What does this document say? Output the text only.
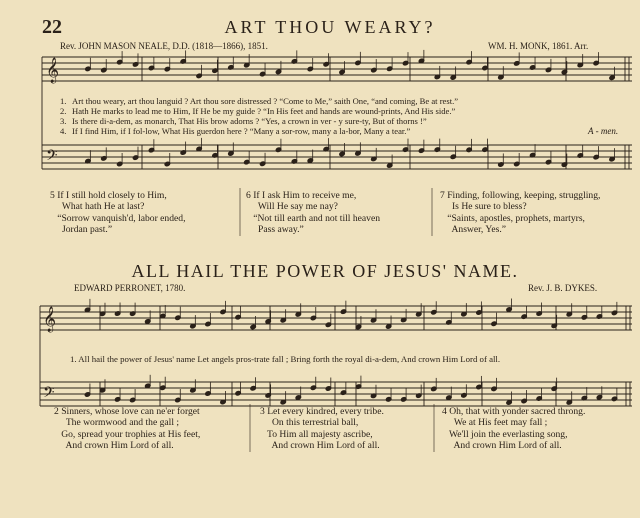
𝄞
𝄢
𝄞
𝄢
22	ART THOU WEARY?
Rev. JOHN MASON NEALE, D.D. (1818—1866), 1851.	WM. H. MONK, 1861. Arr.
1. Art thou weary, art thou languid ? Art thou sore distressed ? “Come to Me,” saith One, “and coming, Be at rest.”
2. Hath He marks to lead me to Him, If He be my guide ? “In His feet and hands are wound-prints, And His side.”
3. Is there di-a-dem, as monarch, That His brow adorns ? “Yes, a crown in ver - y sure-ty, But of thorns !”
4. If I find Him, if I fol-low, What His guerdon here ? “Many a sor-row, many a la-bor, Many a tear.”	A - men.
5 If I still hold closely to Him,
What hath He at last?
“Sorrow vanquish'd, labor ended,
Jordan past.”
6 If I ask Him to receive me,
Will He say me nay?
“Not till earth and not till heaven
Pass away.”
7 Finding, following, keeping, struggling,
Is He sure to bless?
“Saints, apostles, prophets, martyrs,
Answer, Yes.”
ALL HAIL THE POWER OF JESUS' NAME.
EDWARD PERRONET, 1780.	Rev. J. B. DYKES.
1. All hail the power of Jesus' name Let angels pros-trate fall ; Bring forth the royal di-a-dem, And crown Him Lord of all.
2 Sinners, whose love can ne'er forget
The wormwood and the gall ;
Go, spread your trophies at His feet,
And crown Him Lord of all.
3 Let every kindred, every tribe.
On this terrestrial ball,
To Him all majesty ascribe,
And crown Him Lord of all.
4 Oh, that with yonder sacred throng.
We at His feet may fall ;
We'll join the everlasting song,
And crown Him Lord of all.
